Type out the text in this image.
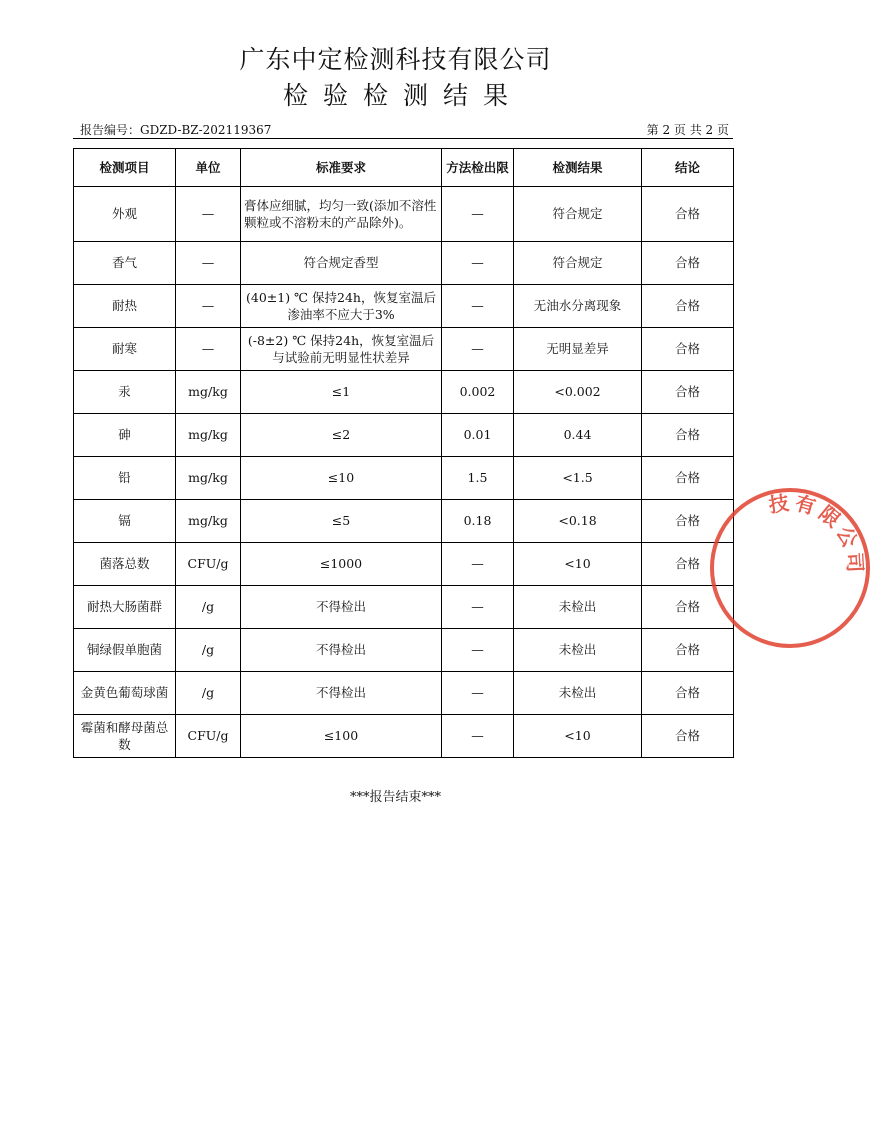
广东中定检测科技有限公司
检验检测结果
报告编号：GDZD-BZ-202119367	第 2 页 共 2 页
检测项目	单位	标准要求	方法检出限	检测结果	结论
外观	—	膏体应细腻，均匀一致(添加不溶性颗粒或不溶粉末的产品除外)。	—	符合规定	合格
香气	—	符合规定香型	—	符合规定	合格
耐热	—	(40±1) ℃ 保持24h，恢复室温后渗油率不应大于3%	—	无油水分离现象	合格
耐寒	—	(-8±2) ℃ 保持24h，恢复室温后与试验前无明显性状差异	—	无明显差异	合格
汞	mg/kg	≤1	0.002	<0.002	合格
砷	mg/kg	≤2	0.01	0.44	合格
铅	mg/kg	≤10	1.5	<1.5	合格
镉	mg/kg	≤5	0.18	<0.18	合格
菌落总数	CFU/g	≤1000	—	<10	合格
耐热大肠菌群	/g	不得检出	—	未检出	合格
铜绿假单胞菌	/g	不得检出	—	未检出	合格
金黄色葡萄球菌	/g	不得检出	—	未检出	合格
霉菌和酵母菌总数	CFU/g	≤100	—	<10	合格
***报告结束***
技有限公司
